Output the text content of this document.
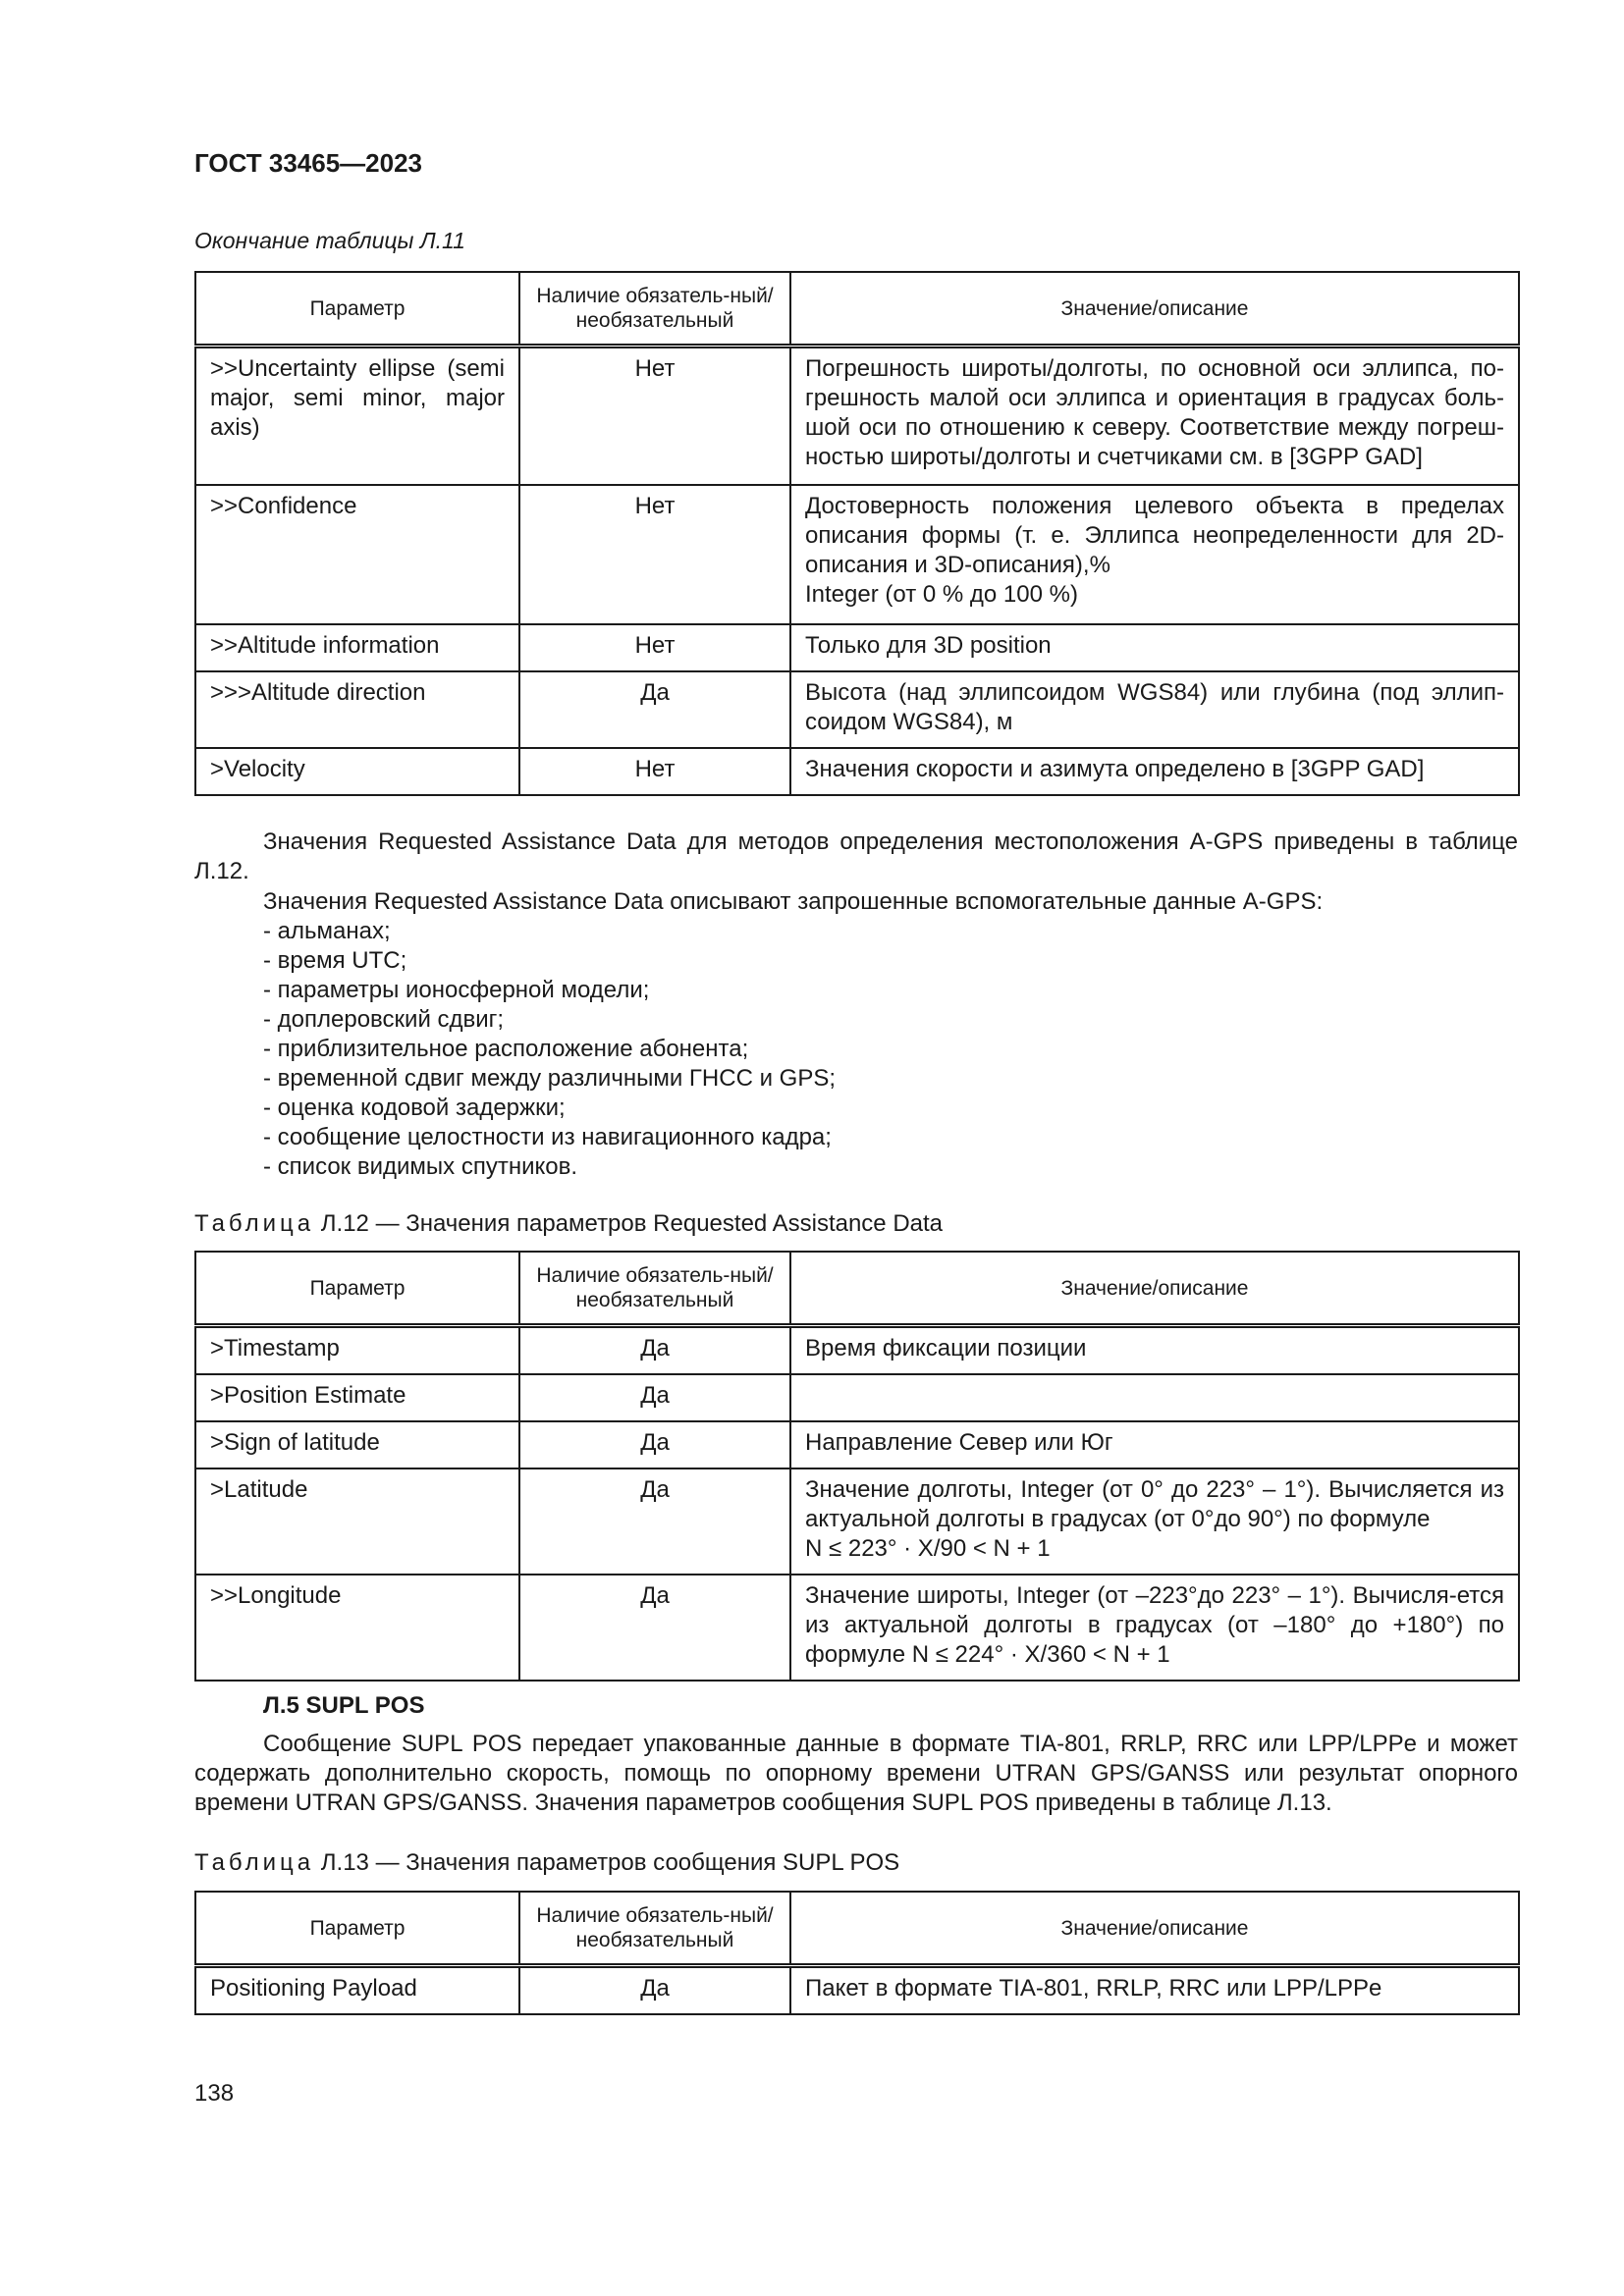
ГОСТ 33465—2023
Окончание таблицы Л.11
Параметр	Наличие обязатель-ный/необязательный	Значение/описание

>>Uncertainty ellipse (semi major, semi minor, major axis)	Нет	Погрешность широты/долготы, по основной оси эллипса, по-грешность малой оси эллипса и ориентация в градусах боль-шой оси по отношению к северу. Соответствие между погреш-ностью широты/долготы и счетчиками см. в [3GPP GAD]

>>Confidence	Нет	Достоверность положения целевого объекта в пределах описания формы (т. е. Эллипса неопределенности для 2D-описания и 3D-описания),%
Integer (от 0 % до 100 %)

>>Altitude information	Нет	Только для 3D position

>>>Altitude direction	Да	Высота (над эллипсоидом WGS84) или глубина (под эллип-соидом WGS84), м

>Velocity	Нет	Значения скорости и азимута определено в [3GPP GAD]
Значения Requested Assistance Data для методов определения местоположения A-GPS приведены в таблице Л.12.
Значения Requested Assistance Data описывают запрошенные вспомогательные данные A-GPS:
- альманах;
- время UTC;
- параметры ионосферной модели;
- доплеровский сдвиг;
- приблизительное расположение абонента;
- временной сдвиг между различными ГНСС и GPS;
- оценка кодовой задержки;
- сообщение целостности из навигационного кадра;
- список видимых спутников.
Таблица Л.12 — Значения параметров Requested Assistance Data
Параметр	Наличие обязатель-ный/необязательный	Значение/описание

>Timestamp	Да	Время фиксации позиции

>Position Estimate	Да	

>Sign of latitude	Да	Направление Север или Юг

>Latitude	Да	Значение долготы, Integer (от 0° до 223° – 1°). Вычисляется из актуальной долготы в градусах (от 0°до 90°) по формуле
N ≤ 223° · X/90 < N + 1

>>Longitude	Да	Значение широты, Integer (от –223°до 223° – 1°). Вычисля-ется из актуальной долготы в градусах (от –180° до +180°) по формуле N ≤ 224° · X/360 < N + 1
Л.5 SUPL POS
Сообщение SUPL POS передает упакованные данные в формате TIA-801, RRLP, RRC или LPP/LPPe и может содержать дополнительно скорость, помощь по опорному времени UTRAN GPS/GANSS или результат опорного времени UTRAN GPS/GANSS. Значения параметров сообщения SUPL POS приведены в таблице Л.13.
Таблица Л.13 — Значения параметров сообщения SUPL POS
Параметр	Наличие обязатель-ный/необязательный	Значение/описание

Positioning Payload	Да	Пакет в формате TIA-801, RRLP, RRC или LPP/LPPe
138
